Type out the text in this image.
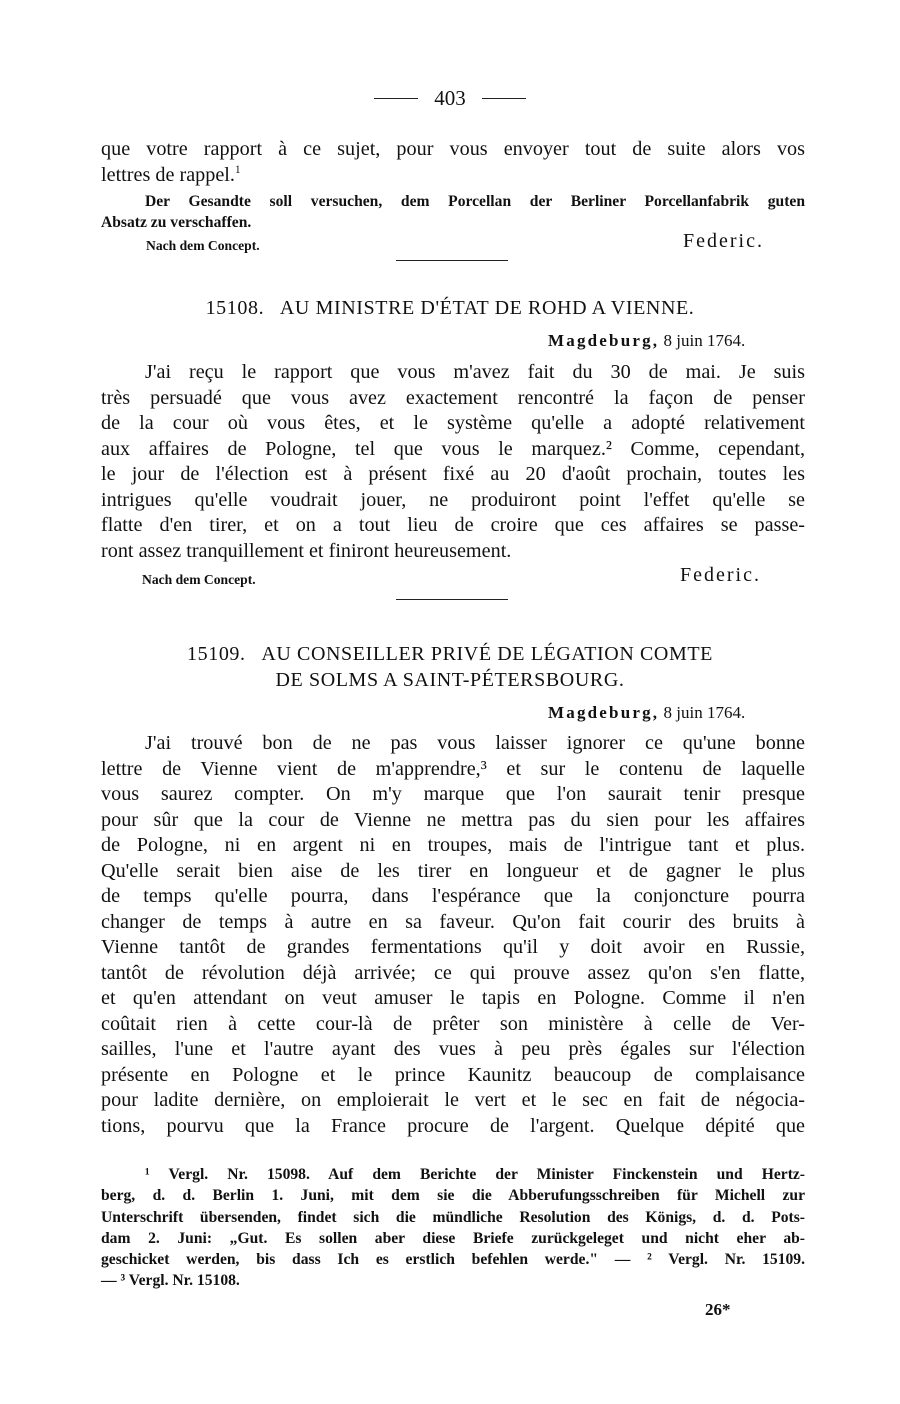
403
que votre rapport à ce sujet, pour vous envoyer tout de suite alors vos
lettres de rappel.$^1$
Der Gesandte soll versuchen, dem Porcellan der Berliner Porcellanfabrik guten
Absatz zu verschaffen.
Nach dem Concept.	Federic.
15108. AU MINISTRE D'ÉTAT DE ROHD A VIENNE.
Magdeburg, 8 juin 1764.
J'ai reçu le rapport que vous m'avez fait du 30 de mai. Je suis
très persuadé que vous avez exactement rencontré la façon de penser
de la cour où vous êtes, et le système qu'elle a adopté relativement
aux affaires de Pologne, tel que vous le marquez.² Comme, cependant,
le jour de l'élection est à présent fixé au 20 d'août prochain, toutes les
intrigues qu'elle voudrait jouer, ne produiront point l'effet qu'elle se
flatte d'en tirer, et on a tout lieu de croire que ces affaires se passe-
ront assez tranquillement et finiront heureusement.
Nach dem Concept.	Federic.
15109. AU CONSEILLER PRIVÉ DE LÉGATION COMTE
DE SOLMS A SAINT-PÉTERSBOURG.
Magdeburg, 8 juin 1764.
J'ai trouvé bon de ne pas vous laisser ignorer ce qu'une bonne
lettre de Vienne vient de m'apprendre,³ et sur le contenu de laquelle
vous saurez compter. On m'y marque que l'on saurait tenir presque
pour sûr que la cour de Vienne ne mettra pas du sien pour les affaires
de Pologne, ni en argent ni en troupes, mais de l'intrigue tant et plus.
Qu'elle serait bien aise de les tirer en longueur et de gagner le plus
de temps qu'elle pourra, dans l'espérance que la conjoncture pourra
changer de temps à autre en sa faveur. Qu'on fait courir des bruits à
Vienne tantôt de grandes fermentations qu'il y doit avoir en Russie,
tantôt de révolution déjà arrivée; ce qui prouve assez qu'on s'en flatte,
et qu'en attendant on veut amuser le tapis en Pologne. Comme il n'en
coûtait rien à cette cour-là de prêter son ministère à celle de Ver-
sailles, l'une et l'autre ayant des vues à peu près égales sur l'élection
présente en Pologne et le prince Kaunitz beaucoup de complaisance
pour ladite dernière, on emploierait le vert et le sec en fait de négocia-
tions, pourvu que la France procure de l'argent. Quelque dépité que
¹ Vergl. Nr. 15098. Auf dem Berichte der Minister Finckenstein und Hertz-
berg, d. d. Berlin 1. Juni, mit dem sie die Abberufungsschreiben für Michell zur
Unterschrift übersenden, findet sich die mündliche Resolution des Königs, d. d. Pots-
dam 2. Juni: „Gut. Es sollen aber diese Briefe zurückgeleget und nicht eher ab-
geschicket werden, bis dass Ich es erstlich befehlen werde." — ² Vergl. Nr. 15109.
— ³ Vergl. Nr. 15108.
26*
